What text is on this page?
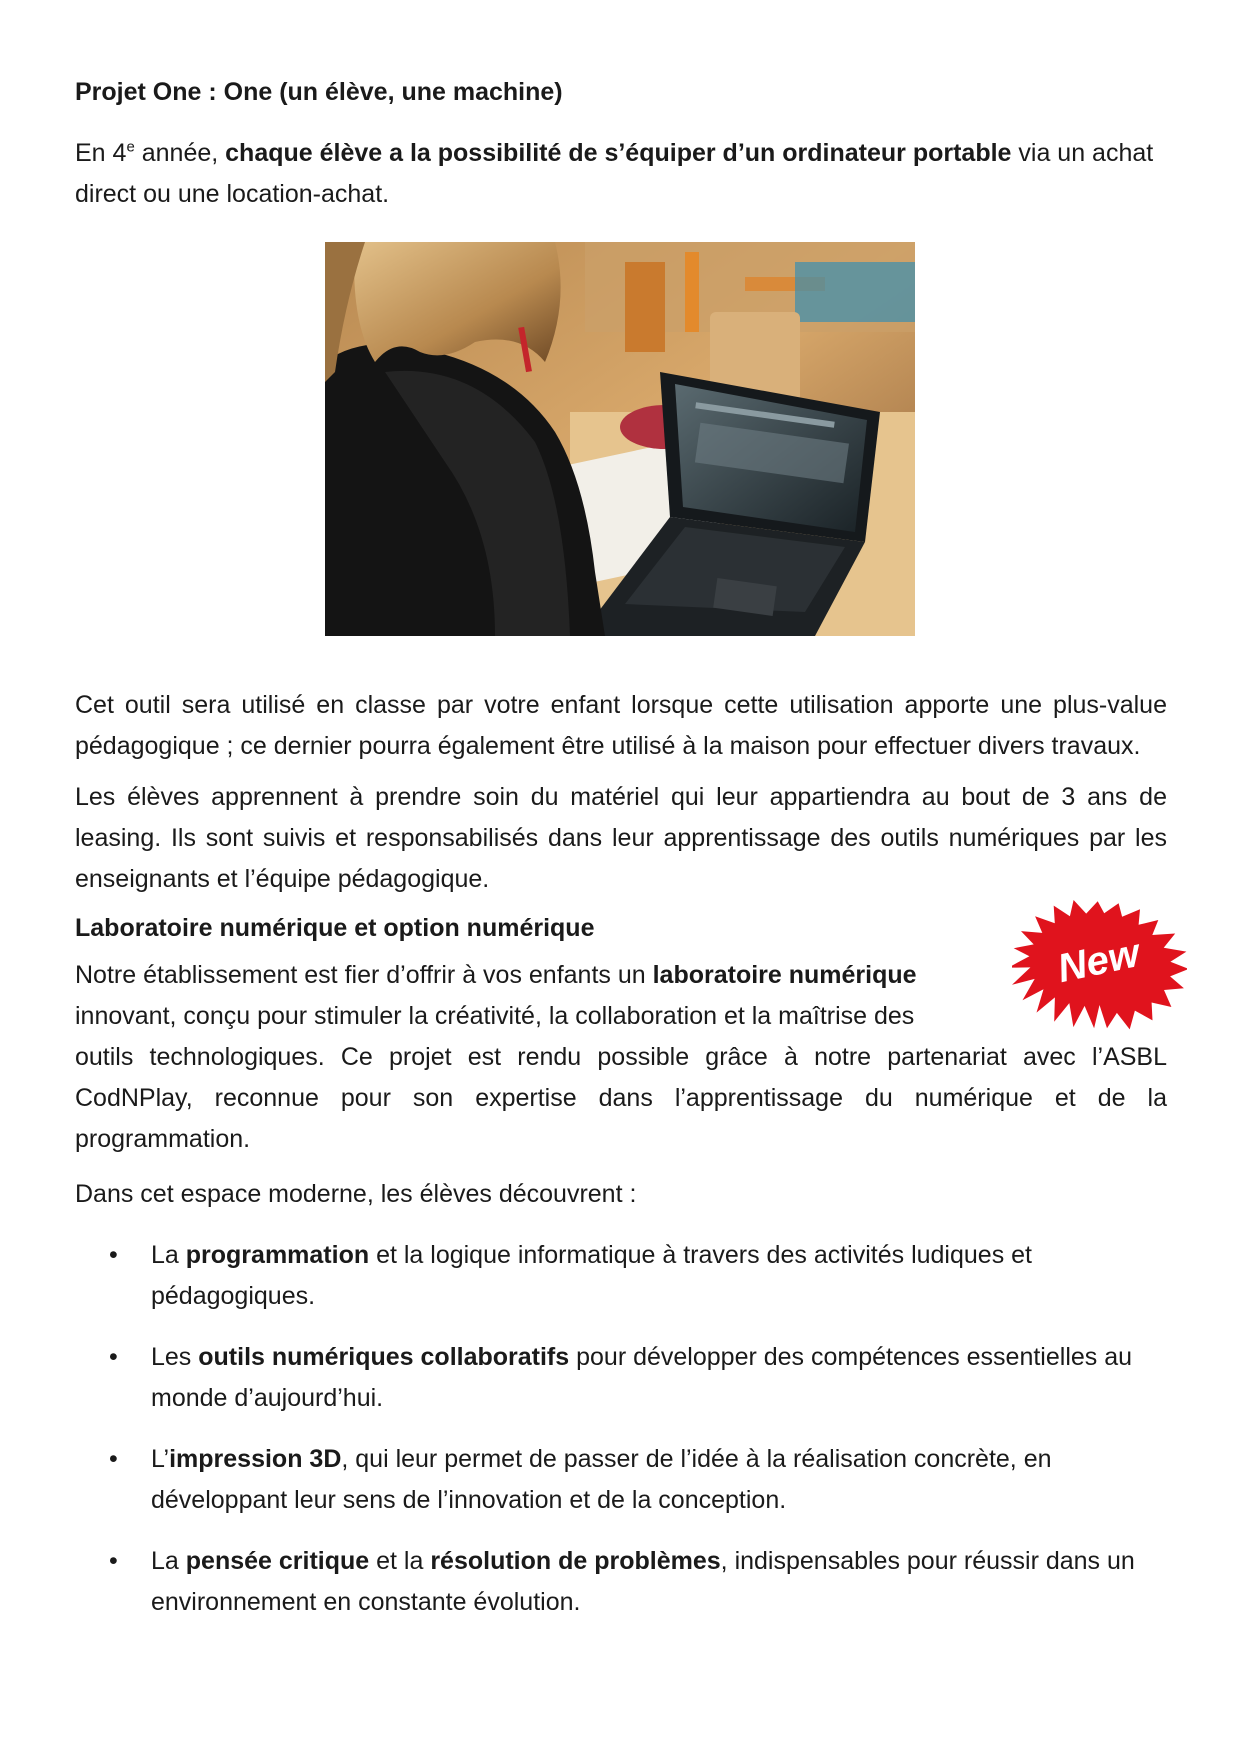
Projet One : One (un élève, une machine)

En 4e année, chaque élève a la possibilité de s’équiper d’un ordinateur portable via un achat direct ou une location-achat.

Cet outil sera utilisé en classe par votre enfant lorsque cette utilisation apporte une plus-value pédagogique ; ce dernier pourra également être utilisé à la maison pour effectuer divers travaux.

Les élèves apprennent à prendre soin du matériel qui leur appartiendra au bout de 3 ans de leasing. Ils sont suivis et responsabilisés dans leur apprentissage des outils numériques par les enseignants et l’équipe pédagogique.

Laboratoire numérique et option numérique

Notre établissement est fier d’offrir à vos enfants un laboratoire numérique

innovant, conçu pour stimuler la créativité, la collaboration et la maîtrise des

outils technologiques. Ce projet est rendu possible grâce à notre partenariat avec l’ASBL CodNPlay, reconnue pour son expertise dans l’apprentissage du numérique et de la programmation.

Dans cet espace moderne, les élèves découvrent :

• La programmation et la logique informatique à travers des activités ludiques et pédagogiques.
• Les outils numériques collaboratifs pour développer des compétences essentielles au monde d’aujourd’hui.
• L’impression 3D, qui leur permet de passer de l’idée à la réalisation concrète, en développant leur sens de l’innovation et de la conception.
• La pensée critique et la résolution de problèmes, indispensables pour réussir dans un environnement en constante évolution.
New
